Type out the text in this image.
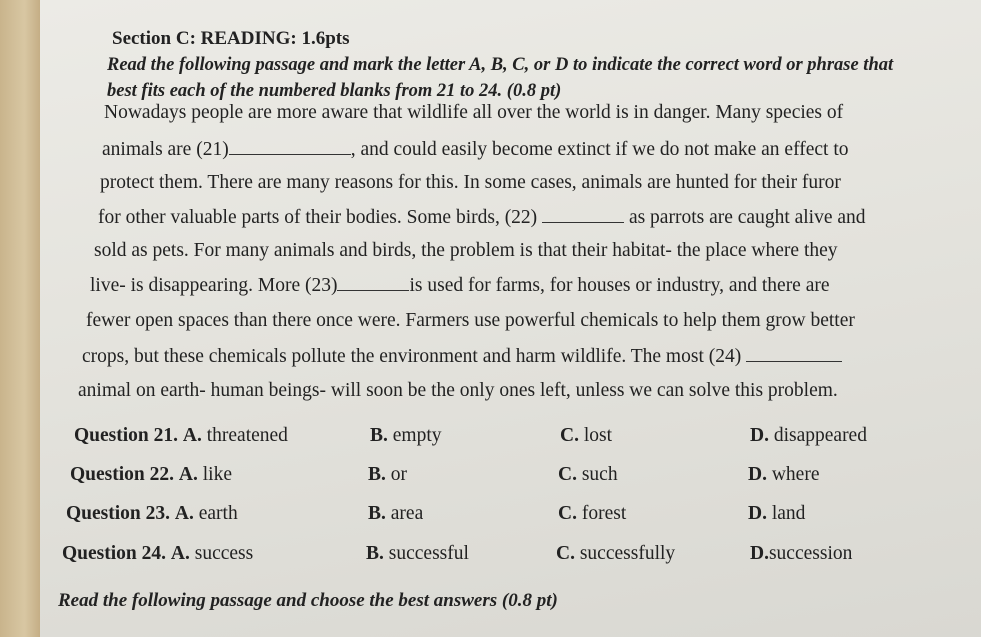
Section C: READING: 1.6pts
Read the following passage and mark the letter A, B, C, or D to indicate the correct word or phrase that best fits each of the numbered blanks from 21 to 24. (0.8 pt)
Nowadays people are more aware that wildlife all over the world is in danger. Many species of
animals are (21)	, and could easily become extinct if we do not make an effect to
protect them. There are many reasons for this. In some cases, animals are hunted for their furor
for other valuable parts of their bodies. Some birds, (22)	as parrots are caught alive and
sold as pets. For many animals and birds, the problem is that their habitat- the place where they
live- is disappearing. More (23)	is used for farms, for houses or industry, and there are
fewer open spaces than there once were. Farmers use powerful chemicals to help them grow better
crops, but these chemicals pollute the environment and harm wildlife. The most (24)
animal on earth- human beings- will soon be the only ones left, unless we can solve this problem.
Question 21. A. threatened	B. empty	C. lost	D. disappeared
Question 22. A. like	B. or	C. such	D. where
Question 23. A. earth	B. area	C. forest	D. land
Question 24. A. success	B. successful	C. successfully	D.succession
Read the following passage and choose the best answers (0.8 pt)
